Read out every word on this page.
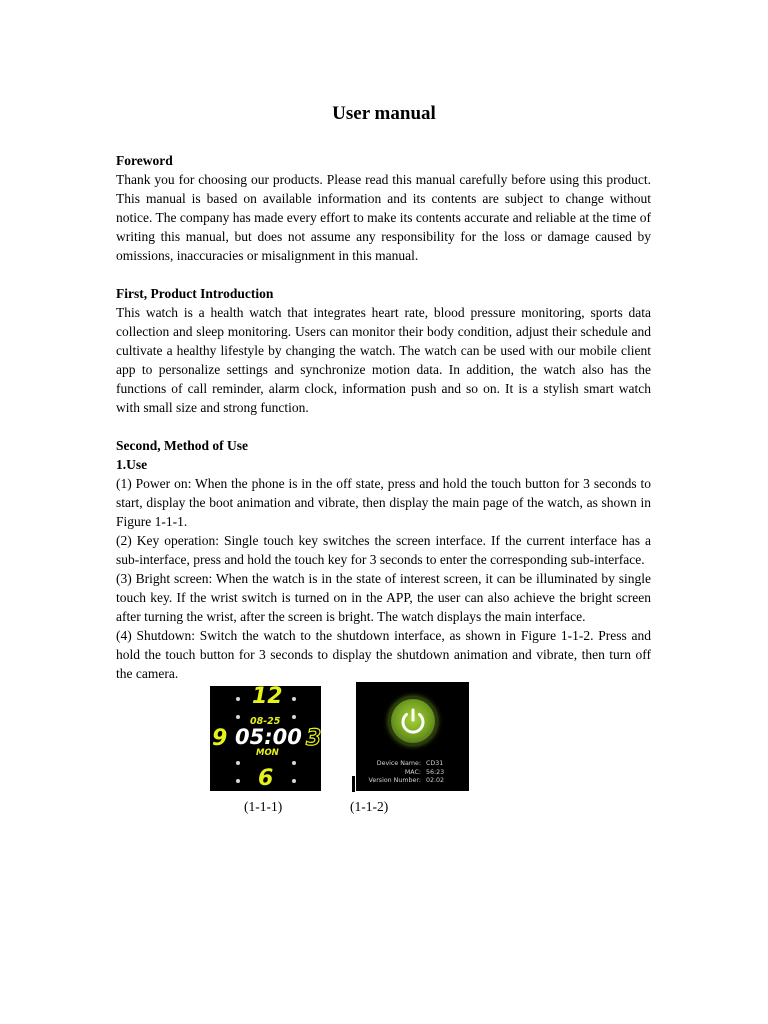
User manual
Foreword

Thank you for choosing our products. Please read this manual carefully before using this product. This manual is based on available information and its contents are subject to change without notice. The company has made every effort to make its contents accurate and reliable at the time of writing this manual, but does not assume any responsibility for the loss or damage caused by omissions, inaccuracies or misalignment in this manual.

First, Product Introduction

This watch is a health watch that integrates heart rate, blood pressure monitoring, sports data collection and sleep monitoring. Users can monitor their body condition, adjust their schedule and cultivate a healthy lifestyle by changing the watch. The watch can be used with our mobile client app to personalize settings and synchronize motion data. In addition, the watch also has the functions of call reminder, alarm clock, information push and so on. It is a stylish smart watch with small size and strong function.

Second, Method of Use
1.Use

(1) Power on: When the phone is in the off state, press and hold the touch button for 3 seconds to start, display the boot animation and vibrate, then display the main page of the watch, as shown in Figure 1-1-1.

(2) Key operation: Single touch key switches the screen interface. If the current interface has a sub-interface, press and hold the touch key for 3 seconds to enter the corresponding sub-interface.

(3) Bright screen: When the watch is in the state of interest screen, it can be illuminated by single touch key. If the wrist switch is turned on in the APP, the user can also achieve the bright screen after turning the wrist, after the screen is bright. The watch displays the main interface.

(4) Shutdown: Switch the watch to the shutdown interface, as shown in Figure 1-1-2. Press and hold the touch button for 3 seconds to display the shutdown animation and vibrate, then turn off the camera.

12
08-25
05:00
9	3
MON
6
Device Name: CD31
MAC: 56:23
Version Number: 02.02
(1-1-1)	(1-1-2)
